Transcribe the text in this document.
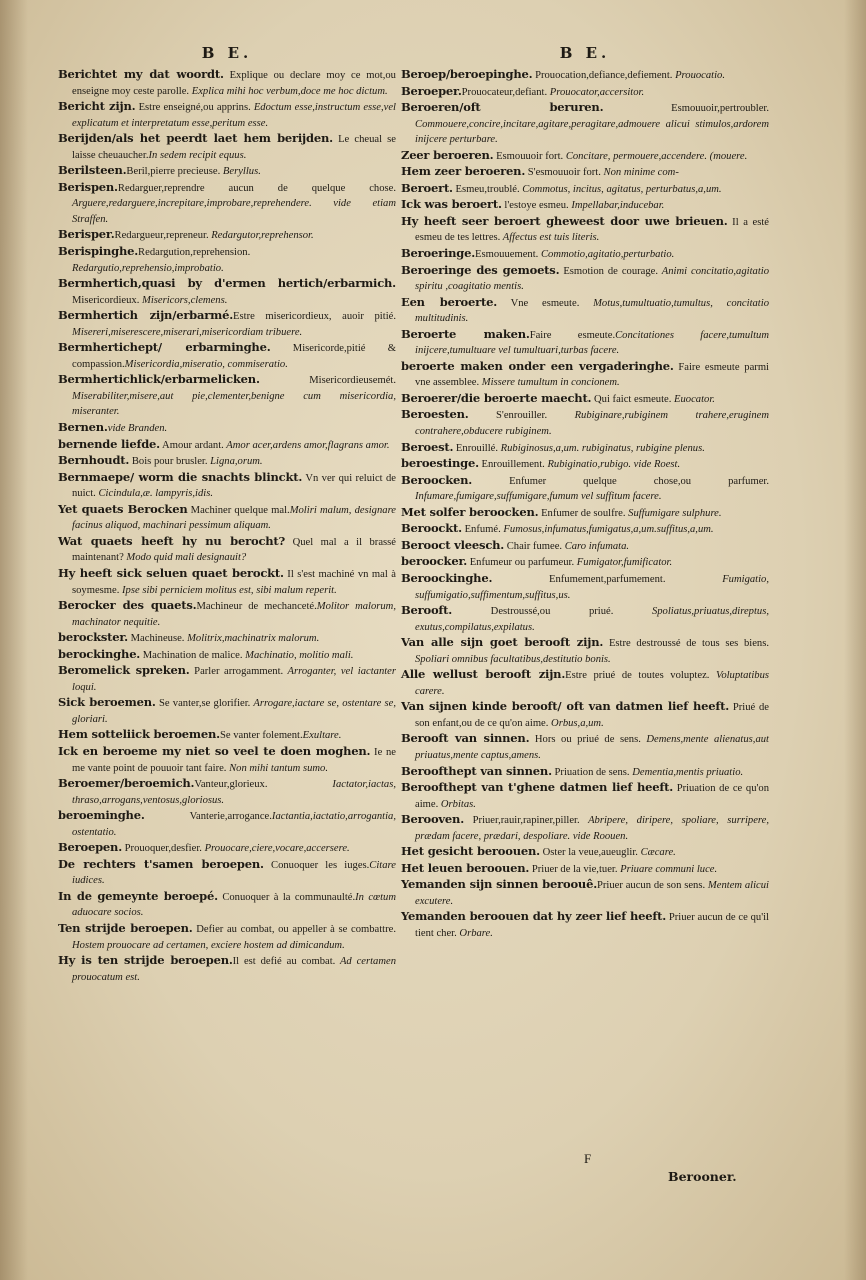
B E.

Berichtet my dat woordt. Explique ou declare moy ce mot,ou enseigne moy ceste parolle. Explica mihi hoc verbum,doce me hoc dictum.

Bericht zijn. Estre enseigné,ou apprins. Edoctum esse,instructum esse,vel explicatum et interpretatum esse,peritum esse.

Berijden/als het peerdt laet hem berijden. Le cheual se laisse cheuaucher.In sedem recipit equus.

Berilsteen.Beril,pierre precieuse. Beryllus.

Berispen.Redarguer,reprendre aucun de quelque chose. Arguere,redarguere,increpitare,improbare,reprehendere. vide etiam Straffen.

Berisper.Redargueur,repreneur. Redargutor,reprehensor.

Berispinghe.Redargution,reprehension. Redargutio,reprehensio,improbatio.

Bermhertich,quasi by d'ermen hertich/erbarmich. Misericordieux. Misericors,clemens.

Bermhertich zijn/erbarmé.Estre misericordieux, auoir pitié. Misereri,miserescere,miserari,misericordiam tribuere.

Bermhertichept/ erbarminghe. Misericorde,pitié & compassion.Misericordia,miseratio, commiseratio.

Bermhertichlick/erbarmelicken. Misericordieusemét. Miserabiliter,misere,aut pie,clementer,benigne cum misericordia, miseranter.

Bernen.vide Branden.

bernende liefde. Amour ardant. Amor acer,ardens amor,flagrans amor.

Bernhoudt. Bois pour brusler. Ligna,orum.

Bernmaepe/ worm die snachts blinckt. Vn ver qui reluict de nuict. Cicindula,æ. lampyris,idis.

Yet quaets Berocken Machiner quelque mal.Moliri malum, designare facinus aliquod, machinari pessimum aliquam.

Wat quaets heeft hy nu berocht? Quel mal a il brassé maintenant? Modo quid mali designauit?

Hy heeft sick seluen quaet berockt. Il s'est machiné vn mal à soymesme. Ipse sibi perniciem molitus est, sibi malum reperit.

Berocker des quaets.Machineur de mechanceté.Molitor malorum, machinator nequitie.

berockster. Machineuse. Molitrix,machinatrix malorum.

berockinghe. Machination de malice. Machinatio, molitio mali.

Beromelick spreken. Parler arrogamment. Arroganter, vel iactanter loqui.

Sick beroemen. Se vanter,se glorifier. Arrogare,iactare se, ostentare se, gloriari.

Hem sotteliick beroemen.Se vanter folement.Exultare.

Ick en beroeme my niet so veel te doen moghen. Ie ne me vante point de pouuoir tant faire. Non mihi tantum sumo.

Beroemer/beroemich.Vanteur,glorieux. Iactator,iactas, thraso,arrogans,ventosus,gloriosus.

beroeminghe. Vanterie,arrogance.Iactantia,iactatio,arrogantia, ostentatio.

Beroepen. Prouoquer,desfier. Prouocare,ciere,vocare,accersere.

De rechters t'samen beroepen. Conuoquer les iuges.Citare iudices.

In de gemeynte beroepé. Conuoquer à la communaulté.In cœtum aduocare socios.

Ten strijde beroepen. Defier au combat, ou appeller à se combattre. Hostem prouocare ad certamen, exciere hostem ad dimicandum.

Hy is ten strijde beroepen.Il est defié au combat. Ad certamen prouocatum est.

B E.

Beroep/beroepinghe. Prouocation,defiance,defiement. Prouocatio.

Beroeper.Prouocateur,defiant. Prouocator,accersitor.

Beroeren/oft beruren. Esmouuoir,pertroubler. Commouere,concire,incitare,agitare,peragitare,admouere alicui stimulos,ardorem inijcere perturbare.

Zeer beroeren. Esmouuoir fort. Concitare, permouere,accendere. (mouere.

Hem zeer beroeren. S'esmouuoir fort. Non minime com-

Beroert. Esmeu,troublé. Commotus, incitus, agitatus, perturbatus,a,um.

Ick was beroert. l'estoye esmeu. Impellabar,inducebar.

Hy heeft seer beroert gheweest door uwe brieuen. Il a esté esmeu de tes lettres. Affectus est tuis literis.

Beroeringe.Esmouuement. Commotio,agitatio,perturbatio.

Beroeringe des gemoets. Esmotion de courage. Animi concitatio,agitatio spiritu ,coagitatio mentis.

Een beroerte. Vne esmeute. Motus,tumultuatio,tumultus, concitatio multitudinis.

Beroerte maken.Faire esmeute.Concitationes facere,tumultum inijcere,tumultuare vel tumultuari,turbas facere.

beroerte maken onder een vergaderinghe. Faire esmeute parmi vne assemblee. Missere tumultum in concionem.

Beroerer/die beroerte maecht. Qui faict esmeute. Euocator.

Beroesten. S'enrouiller. Rubiginare,rubiginem trahere,eruginem contrahere,obducere rubiginem.

Beroest. Enrouillé. Rubiginosus,a,um. rubiginatus, rubigine plenus.

beroestinge. Enrouillement. Rubiginatio,rubigo. vide Roest.

Beroocken. Enfumer quelque chose,ou parfumer. Infumare,fumigare,suffumigare,fumum vel suffitum facere.

Met solfer beroocken. Enfumer de soulfre. Suffumigare sulphure.

Beroockt. Enfumé. Fumosus,infumatus,fumigatus,a,um.suffitus,a,um.

Berooct vleesch. Chair fumee. Caro infumata.

beroocker. Enfumeur ou parfumeur. Fumigator,fumificator.

Beroockinghe. Enfumement,parfumement. Fumigatio, suffumigatio,suffimentum,suffitus,us.

Berooft. Destroussé,ou priué. Spoliatus,priuatus,direptus, exutus,compilatus,expilatus.

Van alle sijn goet berooft zijn. Estre destroussé de tous ses biens. Spoliari omnibus facultatibus,destitutio bonis.

Alle wellust berooft zijn.Estre priué de toutes voluptez. Voluptatibus carere.

Van sijnen kinde berooft/ oft van datmen lief heeft. Priué de son enfant,ou de ce qu'on aime. Orbus,a,um.

Berooft van sinnen. Hors ou priué de sens. Demens,mente alienatus,aut priuatus,mente captus,amens.

Beroofthept van sinnen. Priuation de sens. Dementia,mentis priuatio.

Beroofthept van t'ghene datmen lief heeft. Priuation de ce qu'on aime. Orbitas.

Berooven. Priuer,rauir,rapiner,piller. Abripere, diripere, spoliare, surripere, prædam facere, prædari, despoliare. vide Roouen.

Het gesicht beroouen. Oster la veue,aueuglir. Cæcare.

Het leuen beroouen. Priuer de la vie,tuer. Priuare communi luce.

Yemanden sijn sinnen beroouê.Priuer aucun de son sens. Mentem alicui excutere.

Yemanden beroouen dat hy zeer lief heeft. Priuer aucun de ce qu'il tient cher. Orbare.

F
Berooner.
